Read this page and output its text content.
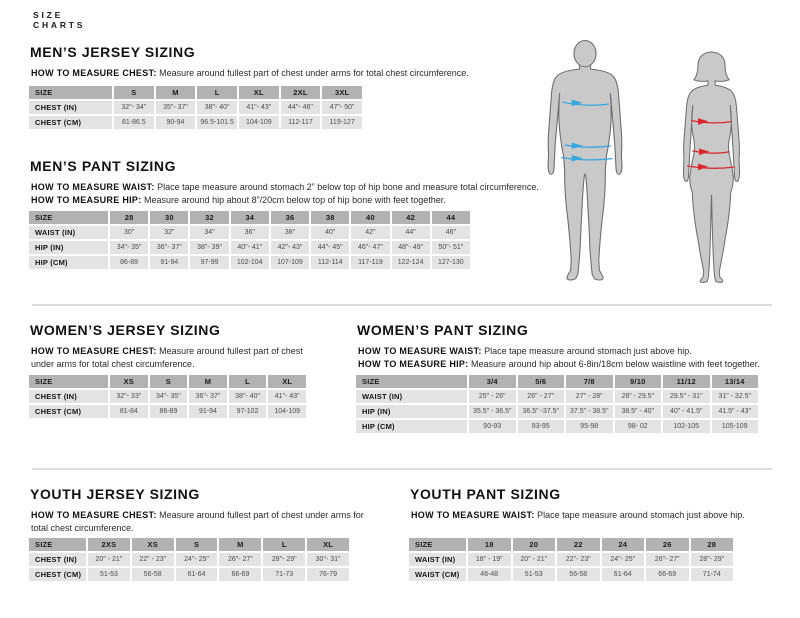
SIZE
CHARTS
MEN’S JERSEY SIZING

HOW TO MEASURE CHEST: Measure around fullest part of chest under arms for total chest circumference.

SIZE	S	M	L	XL	2XL	3XL
CHEST (IN)	32"- 34"	35"- 37"	38"- 40"	41"- 43"	44"- 46"	47"- 50"
CHEST (CM)	81-86.5	90-94	96.5-101.5	104-109	112-117	119-127
MEN’S PANT SIZING

HOW TO MEASURE WAIST: Place tape measure around stomach 2” below top of hip bone and measure total circumference.

HOW TO MEASURE HIP: Measure around hip about 8”/20cm below top of hip bone with feet together.

SIZE	28	30	32	34	36	38	40	42	44
WAIST (IN)	30"	32"	34"	36"	38"	40"	42"	44"	46"
HIP (IN)	34"- 35"	36"- 37"	38"- 39"	40"- 41"	42"- 43"	44"- 45"	46"- 47"	48"- 49"	50"- 51"
HIP (CM)	86-89	91-94	97-99	102-104	107-109	112-114	117-119	122-124	127-130
WOMEN’S JERSEY SIZING

HOW TO MEASURE CHEST: Measure around fullest part of chest under arms for total chest circumference.

SIZE	XS	S	M	L	XL
CHEST (IN)	32"- 33"	34"- 35"	36"- 37"	38"- 40"	41"- 43"
CHEST (CM)	81-84	86-89	91-94	97-102	104-109
WOMEN’S PANT SIZING

HOW TO MEASURE WAIST: Place tape measure around stomach just above hip.

HOW TO MEASURE HIP: Measure around hip about 6-8in/18cm below waistline with feet together.

SIZE	3/4	5/6	7/8	9/10	11/12	13/14
WAIST (IN)	25" - 26"	26" - 27"	27" - 28"	28" - 29.5"	29.5" - 31"	31" - 32.5"
HIP (IN)	35.5" - 36.5"	36.5" -37.5"	37.5" - 38.5"	38.5" - 40"	40" - 41.5"	41.5" - 43"
HIP (CM)	90-93	93-95	95-98	98- 02	102-105	105-109
YOUTH JERSEY SIZING

HOW TO MEASURE CHEST: Measure around fullest part of chest under arms for total chest circumference.

SIZE	2XS	XS	S	M	L	XL
CHEST (IN)	20" - 21"	22" - 23"	24"- 25"	26"- 27"	28"- 29"	30"- 31"
CHEST (CM)	51-53	56-58	61-64	66-69	71-73	76-79
YOUTH PANT SIZING

HOW TO MEASURE WAIST: Place tape measure around stomach just above hip.

SIZE	18	20	22	24	26	28
WAIST (IN)	18" - 19"	20" - 21"	22"- 23"	24"- 25"	26"- 27"	28"- 29"
WAIST (CM)	46-48	51-53	56-58	61-64	66-69	71-74
